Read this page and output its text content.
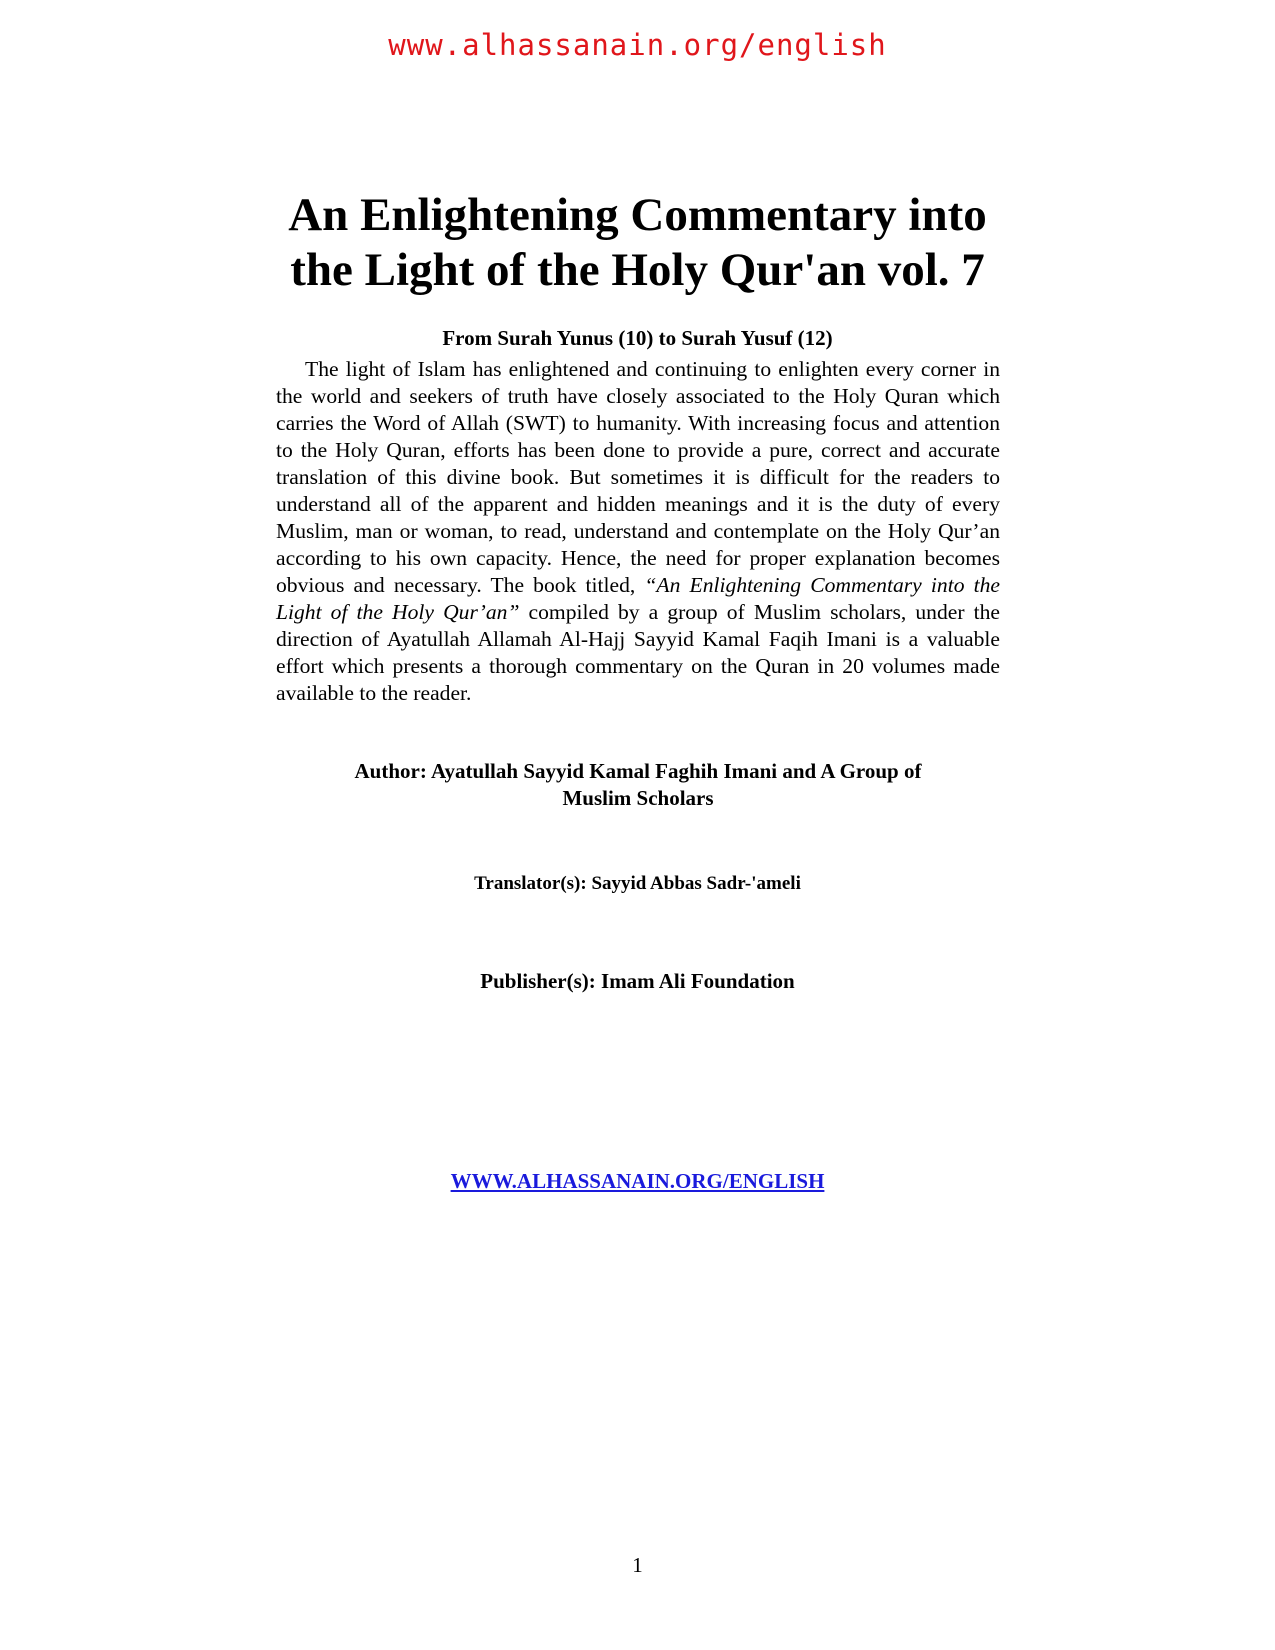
www.alhassanain.org/english
An Enlightening Commentary into
the Light of the Holy Qur'an vol. 7
From Surah Yunus (10) to Surah Yusuf (12)

The light of Islam has enlightened and continuing to enlighten every corner in the world and seekers of truth have closely associated to the Holy Quran which carries the Word of Allah (SWT) to humanity. With increasing focus and attention to the Holy Quran, efforts has been done to provide a pure, correct and accurate translation of this divine book. But sometimes it is difficult for the readers to understand all of the apparent and hidden meanings and it is the duty of every Muslim, man or woman, to read, understand and contemplate on the Holy Qur’an according to his own capacity. Hence, the need for proper explanation becomes obvious and necessary. The book titled, “An Enlightening Commentary into the Light of the Holy Qur’an” compiled by a group of Muslim scholars, under the direction of Ayatullah Allamah Al-Hajj Sayyid Kamal Faqih Imani is a valuable effort which presents a thorough commentary on the Quran in 20 volumes made available to the reader.

Author: Ayatullah Sayyid Kamal Faghih Imani and A Group of
Muslim Scholars
Translator(s): Sayyid Abbas Sadr-'ameli
Publisher(s): Imam Ali Foundation
WWW.ALHASSANAIN.ORG/ENGLISH
1
